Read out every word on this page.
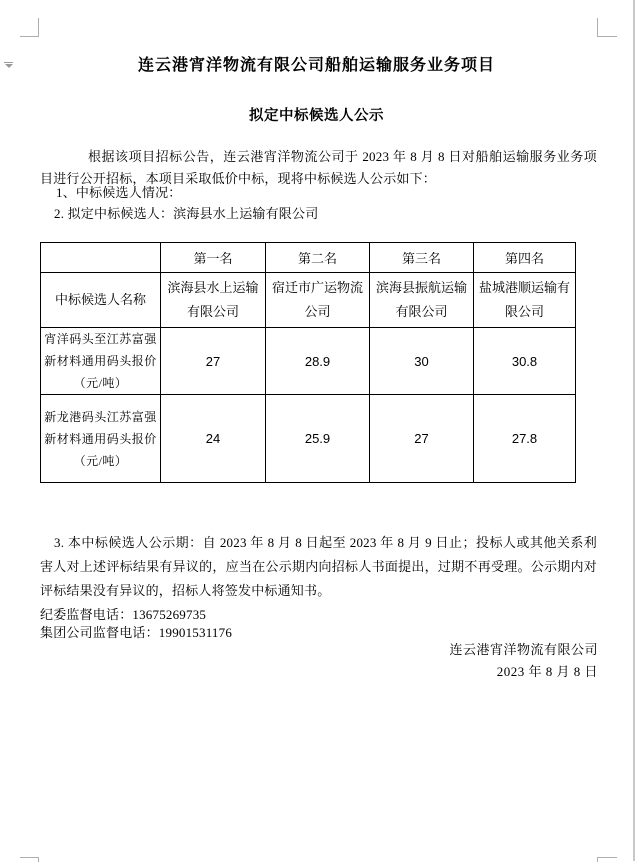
连云港宵洋物流有限公司船舶运输服务业务项目
拟定中标候选人公示

根据该项目招标公告，连云港宵洋物流公司于 2023 年 8 月 8 日对船舶运输服务业务项目进行公开招标，本项目采取低价中标，现将中标候选人公示如下：

1、中标候选人情况：
2. 拟定中标候选人：滨海县水上运输有限公司
	第一名	第二名	第三名	第四名
中标候选人名称	滨海县水上运输有限公司	宿迁市广运物流公司	滨海县振航运输有限公司	盐城港顺运输有限公司
宵洋码头至江苏富强新材料通用码头报价（元/吨）	27	28.9	30	30.8
新龙港码头江苏富强新材料通用码头报价（元/吨）	24	25.9	27	27.8

3. 本中标候选人公示期：自 2023 年 8 月 8 日起至 2023 年 8 月 9 日止；投标人或其他关系利害人对上述评标结果有异议的，应当在公示期内向招标人书面提出，过期不再受理。公示期内对评标结果没有异议的，招标人将签发中标通知书。

纪委监督电话：13675269735
集团公司监督电话：19901531176
连云港宵洋物流有限公司
2023 年 8 月 8 日
